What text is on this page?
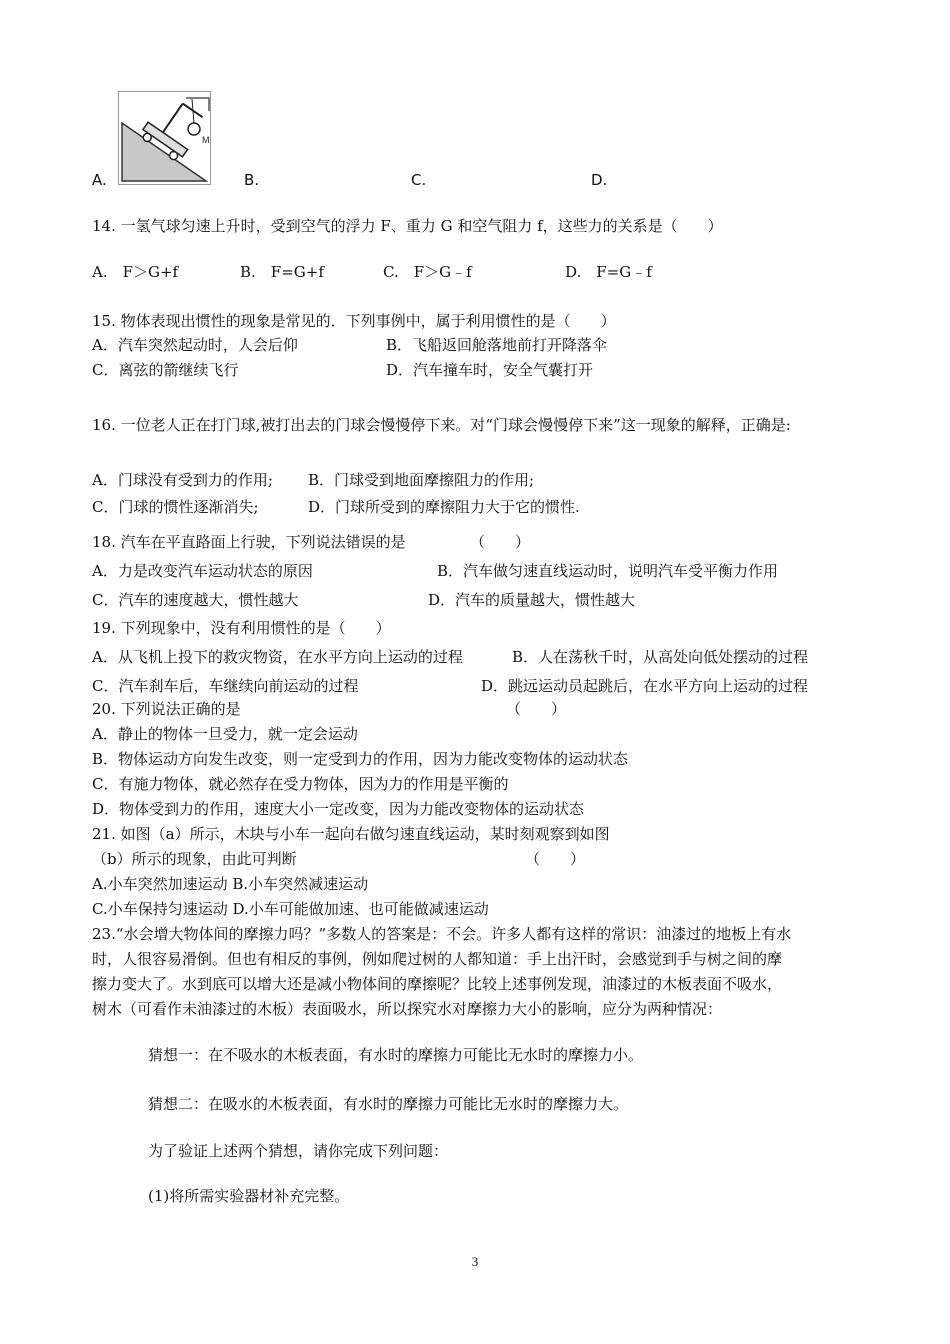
M
A.	B.	C.	D.
14. 一氢气球匀速上升时，受到空气的浮力 F、重力 G 和空气阻力 f，这些力的关系是（　　）
A.　F＞G+f	B.　F=G+f	C.　F＞G﹣f	D.　F=G﹣f
15. 物体表现出惯性的现象是常见的．下列事例中，属于利用惯性的是（　　）
A．汽车突然起动时，人会后仰	B．飞船返回舱落地前打开降落伞
C．离弦的箭继续飞行	D．汽车撞车时，安全气囊打开
16. 一位老人正在打门球,被打出去的门球会慢慢停下来。对“门球会慢慢停下来”这一现象的解释，正确是:
A．门球没有受到力的作用; B．门球受到地面摩擦阻力的作用;
C．门球的惯性逐渐消失;	D．门球所受到的摩擦阻力大于它的惯性.
18. 汽车在平直路面上行驶，下列说法错误的是	（　　）
A．力是改变汽车运动状态的原因	B．汽车做匀速直线运动时，说明汽车受平衡力作用
C．汽车的速度越大，惯性越大	D．汽车的质量越大，惯性越大
19. 下列现象中，没有利用惯性的是（　　）
A．从飞机上投下的救灾物资，在水平方向上运动的过程	B．人在荡秋千时，从高处向低处摆动的过程
C．汽车刹车后，车继续向前运动的过程	D．跳远运动员起跳后，在水平方向上运动的过程
20. 下列说法正确的是	（　　）
A．静止的物体一旦受力，就一定会运动
B．物体运动方向发生改变，则一定受到力的作用，因为力能改变物体的运动状态
C．有施力物体，就必然存在受力物体，因为力的作用是平衡的
D．物体受到力的作用，速度大小一定改变，因为力能改变物体的运动状态
21. 如图（a）所示，木块与小车一起向右做匀速直线运动，某时刻观察到如图
（b）所示的现象，由此可判断	（　　）
A.小车突然加速运动 B.小车突然减速运动
C.小车保持匀速运动 D.小车可能做加速、也可能做减速运动
23.“水会增大物体间的摩擦力吗？”多数人的答案是：不会。许多人都有这样的常识：油漆过的地板上有水
时，人很容易滑倒。但也有相反的事例，例如爬过树的人都知道：手上出汗时，会感觉到手与树之间的摩
擦力变大了。水到底可以增大还是减小物体间的摩擦呢？比较上述事例发现，油漆过的木板表面不吸水，
树木（可看作未油漆过的木板）表面吸水，所以探究水对摩擦力大小的影响，应分为两种情况：
猜想一：在不吸水的木板表面，有水时的摩擦力可能比无水时的摩擦力小。
猜想二：在吸水的木板表面，有水时的摩擦力可能比无水时的摩擦力大。
为了验证上述两个猜想，请你完成下列问题：
(1)将所需实验器材补充完整。
3
